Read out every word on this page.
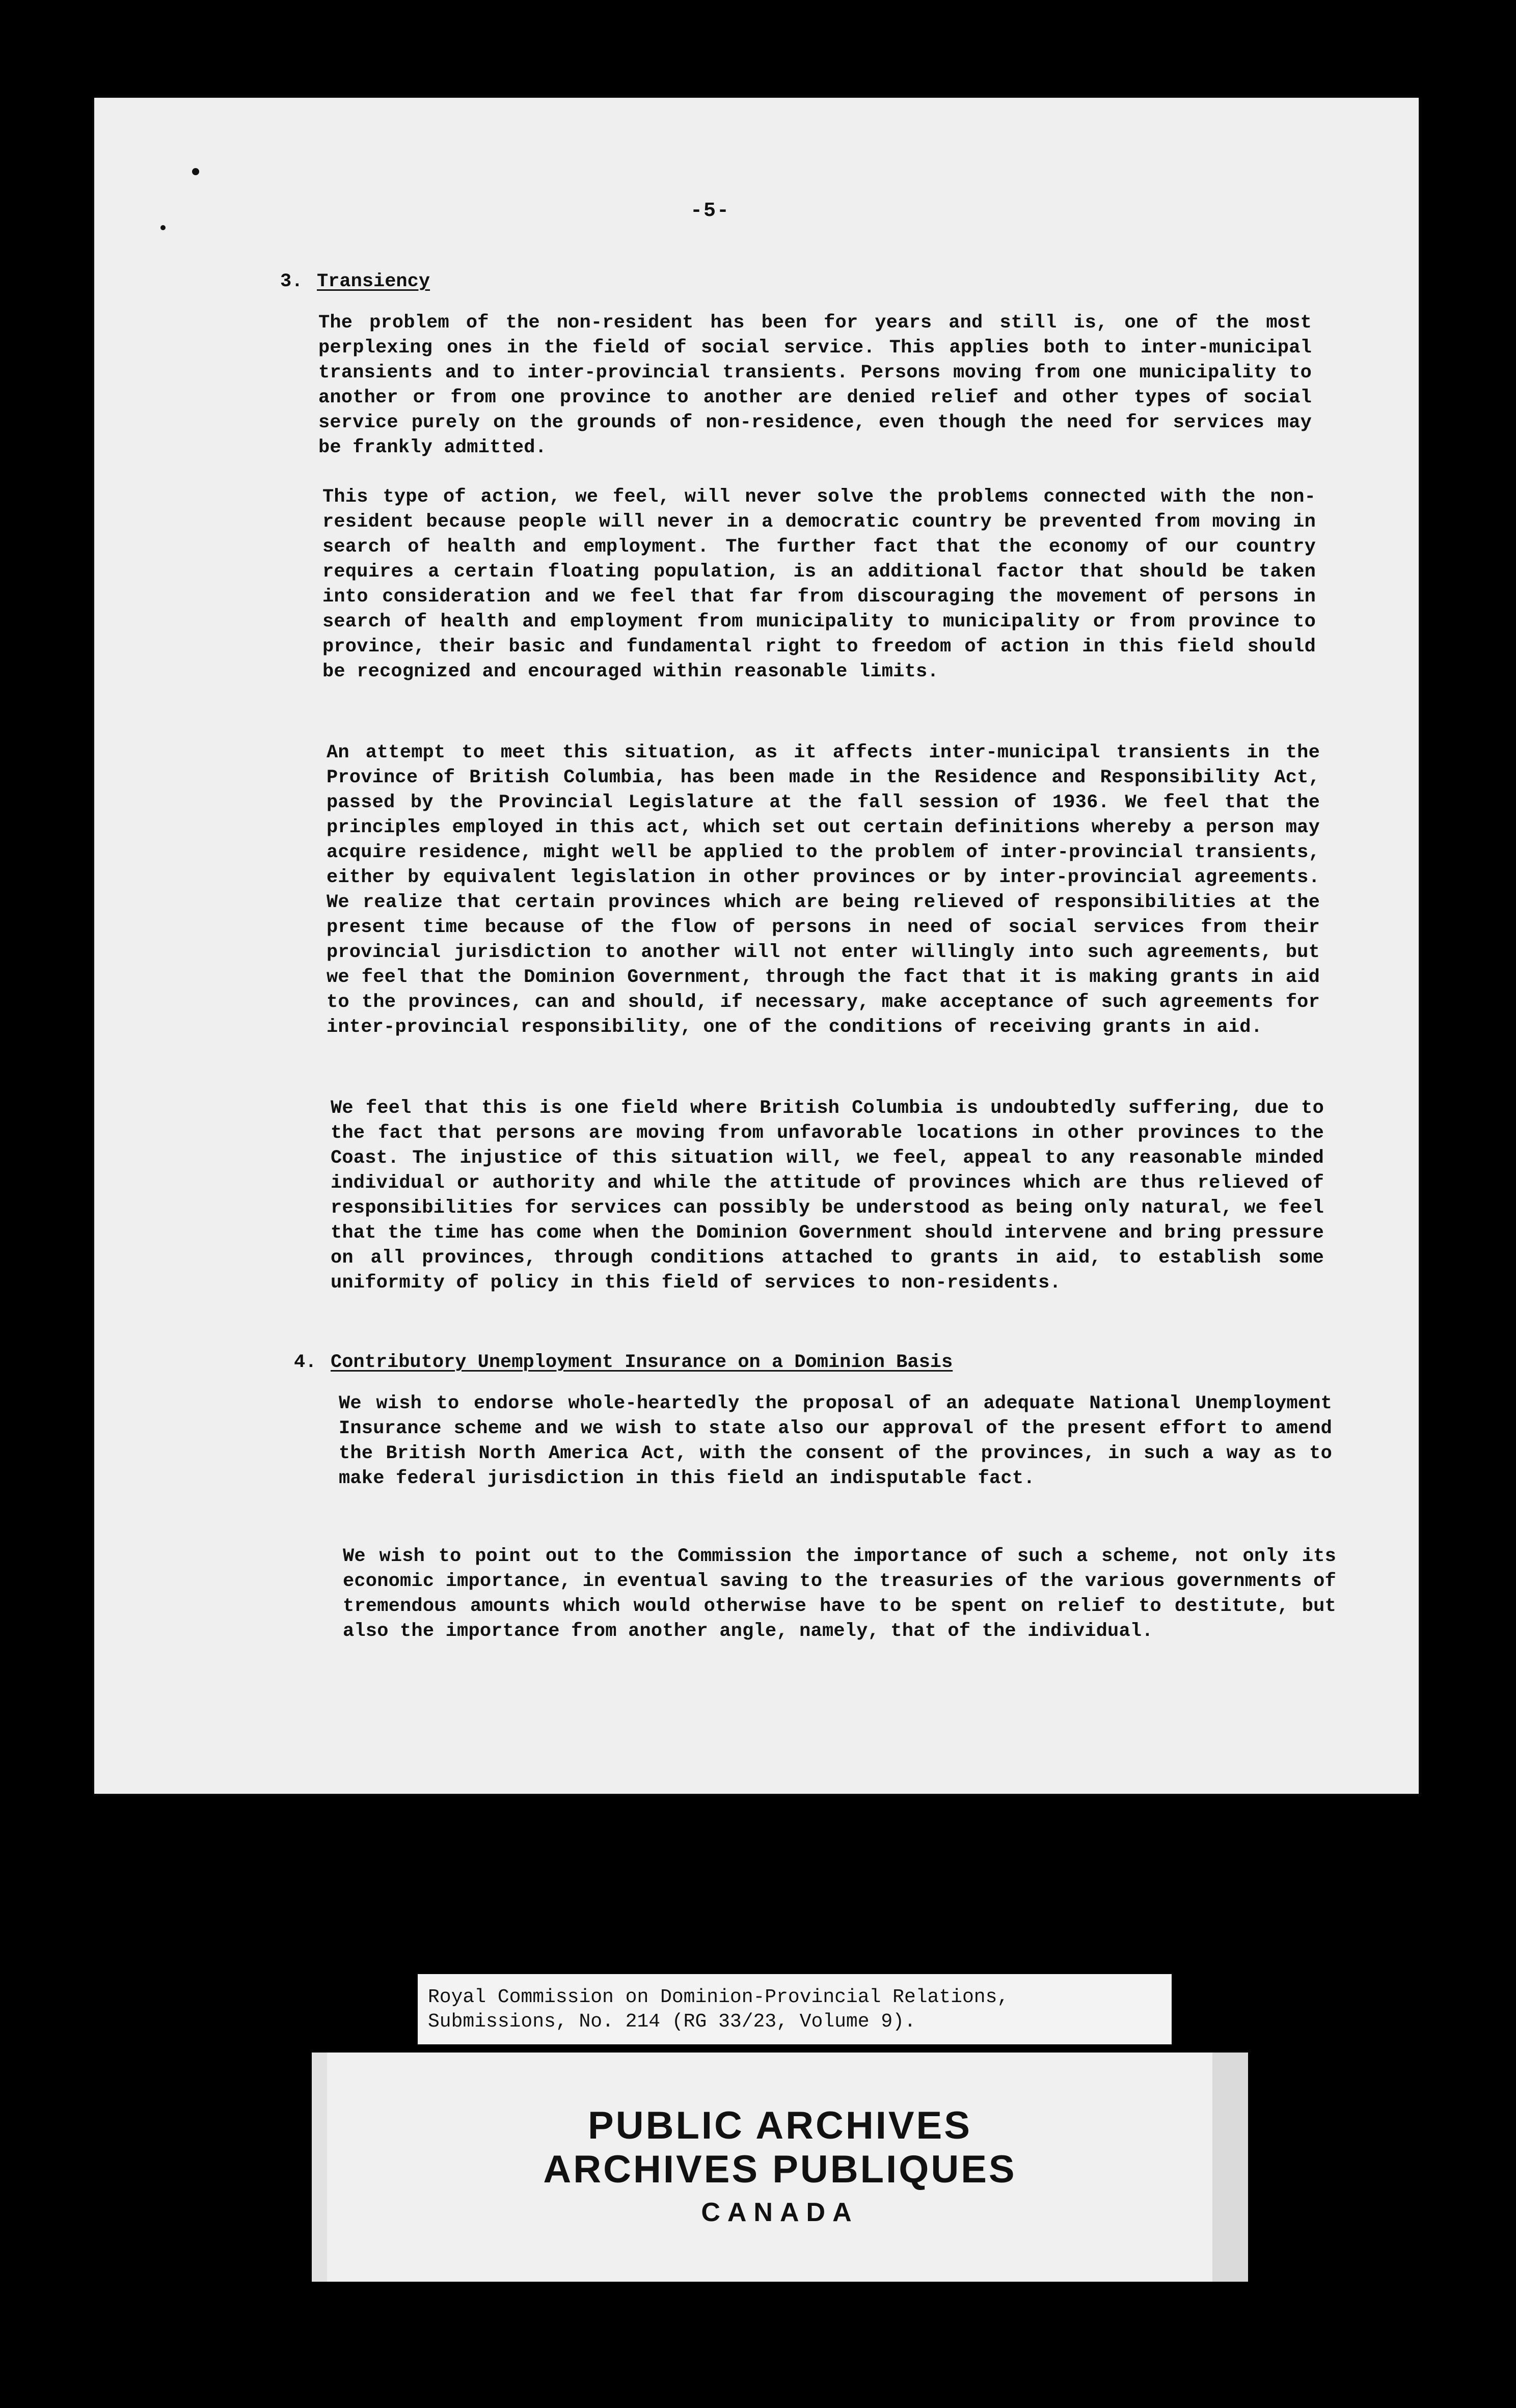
-5-
3. Transiency

The problem of the non-resident has been for years and still is, one of the most perplexing ones in the field of social service. This applies both to inter-municipal transients and to inter-provincial transients. Persons moving from one municipality to another or from one province to another are denied relief and other types of social service purely on the grounds of non-residence, even though the need for services may be frankly admitted.

This type of action, we feel, will never solve the problems connected with the non-resident because people will never in a democratic country be prevented from moving in search of health and employment. The further fact that the economy of our country requires a certain floating population, is an additional factor that should be taken into consideration and we feel that far from discouraging the movement of persons in search of health and employment from municipality to municipality or from province to province, their basic and fundamental right to freedom of action in this field should be recognized and encouraged within reasonable limits.

An attempt to meet this situation, as it affects inter-municipal transients in the Province of British Columbia, has been made in the Residence and Responsibility Act, passed by the Provincial Legislature at the fall session of 1936. We feel that the principles employed in this act, which set out certain definitions whereby a person may acquire residence, might well be applied to the problem of inter-provincial transients, either by equivalent legislation in other provinces or by inter-provincial agreements. We realize that certain provinces which are being relieved of responsibilities at the present time because of the flow of persons in need of social services from their provincial jurisdiction to another will not enter willingly into such agreements, but we feel that the Dominion Government, through the fact that it is making grants in aid to the provinces, can and should, if necessary, make acceptance of such agreements for inter-provincial responsibility, one of the conditions of receiving grants in aid.

We feel that this is one field where British Columbia is undoubtedly suffering, due to the fact that persons are moving from unfavorable locations in other provinces to the Coast. The injustice of this situation will, we feel, appeal to any reasonable minded individual or authority and while the attitude of provinces which are thus relieved of responsibilities for services can possibly be understood as being only natural, we feel that the time has come when the Dominion Government should intervene and bring pressure on all provinces, through conditions attached to grants in aid, to establish some uniformity of policy in this field of services to non-residents.

4. Contributory Unemployment Insurance on a Dominion Basis

We wish to endorse whole-heartedly the proposal of an adequate National Unemployment Insurance scheme and we wish to state also our approval of the present effort to amend the British North America Act, with the consent of the provinces, in such a way as to make federal jurisdiction in this field an indisputable fact.

We wish to point out to the Commission the importance of such a scheme, not only its economic importance, in eventual saving to the treasuries of the various governments of tremendous amounts which would otherwise have to be spent on relief to destitute, but also the importance from another angle, namely, that of the individual.

Royal Commission on Dominion-Provincial Relations,
Submissions, No. 214 (RG 33/23, Volume 9).
PUBLIC ARCHIVES
ARCHIVES PUBLIQUES
CANADA
